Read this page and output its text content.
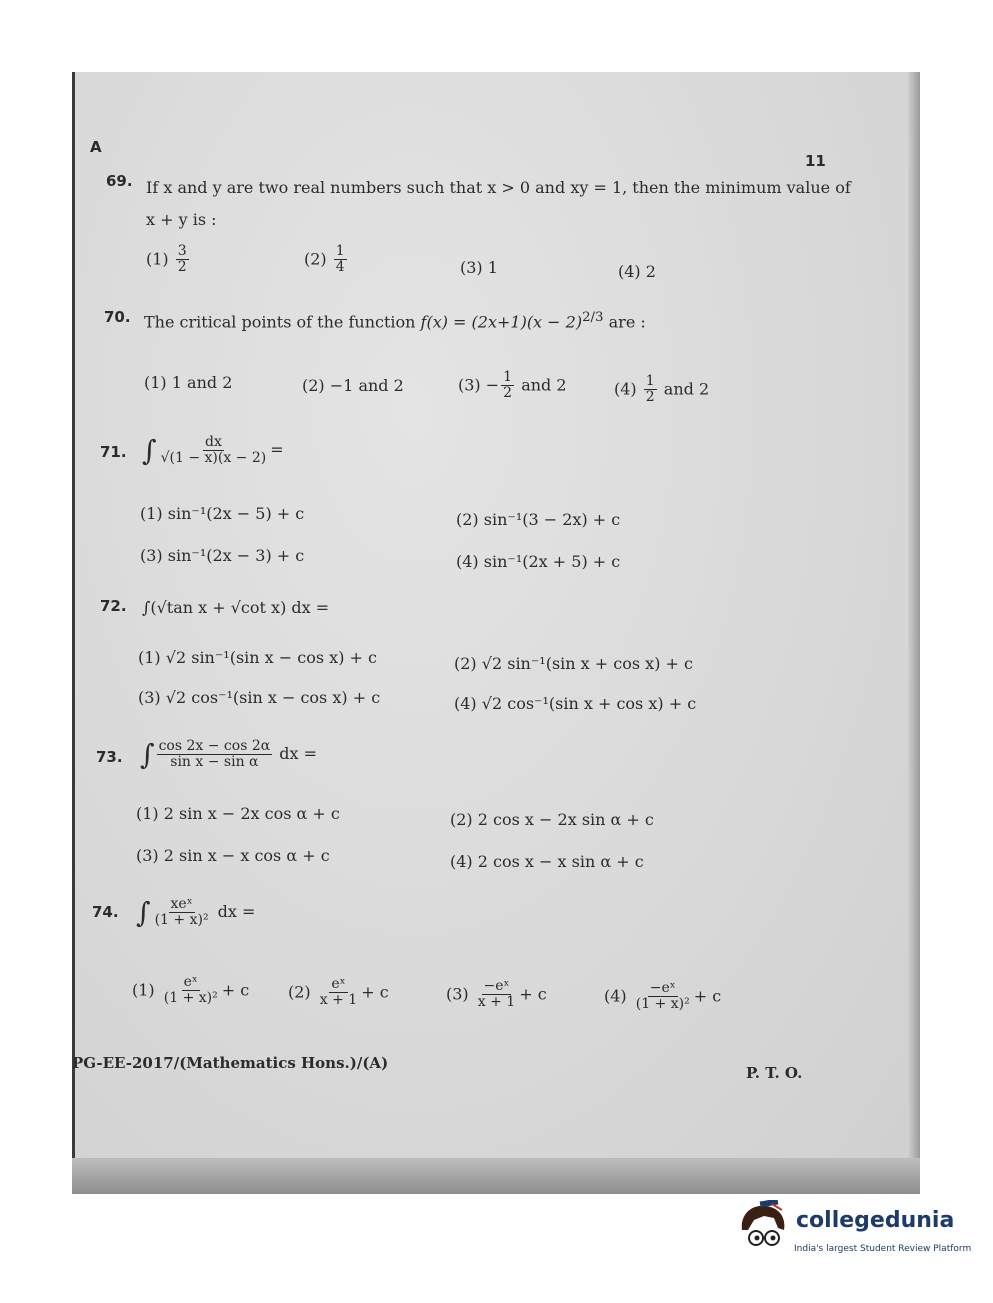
A
11
69. If x and y are two real numbers such that x > 0 and xy = 1, then the minimum value of
x + y is :
$(1) \frac{3}{2}$	$(2) \frac{1}{4}$	(3) 1	(4) 2
70. The critical points of the function $f(x) = (2x+1)(x - 2)^{2/3}$ are :
(1) 1 and 2	(2) −1 and 2	$(3) - \frac{1}{2}$ and 2	$(4) \frac{1}{2}$ and 2
71. ∫ $\frac{dx}{√(1 - x)(x - 2)}$ =
(1) sin⁻¹(2x − 5) + c	(2) sin⁻¹(3 − 2x) + c
(3) sin⁻¹(2x − 3) + c	(4) sin⁻¹(2x + 5) + c
72. ∫(√tan x + √cot x) dx =
(1) √2 sin⁻¹(sin x − cos x) + c	(2) √2 sin⁻¹(sin x + cos x) + c
(3) √2 cos⁻¹(sin x − cos x) + c	(4) √2 cos⁻¹(sin x + cos x) + c
73. ∫ $\frac{\cos 2x - \cos 2\alpha}{\text{sin x − sin α}}$ dx =
(1) 2 sin x − 2x cos α + c	(2) 2 cos x − 2x sin α + c
(3) 2 sin x − x cos α + c	(4) 2 cos x − x sin α + c
74. ∫ $\frac{\text{xeˣ}}{\text{(1 + x)²}}$ dx =
$(1) \frac{\text{eˣ}}{\text{(1 + x)²}} + c$ $(2) \frac{\text{eˣ}}{x + 1} + c$	$(3) \frac{\text{−eˣ}}{x + 1} + c$	$(4) \frac{\text{−eˣ}}{\text{(1 + x)²}} + c$
PG-EE-2017/(Mathematics Hons.)/(A)
P. T. O.
collegedunia
India's largest Student Review Platform
